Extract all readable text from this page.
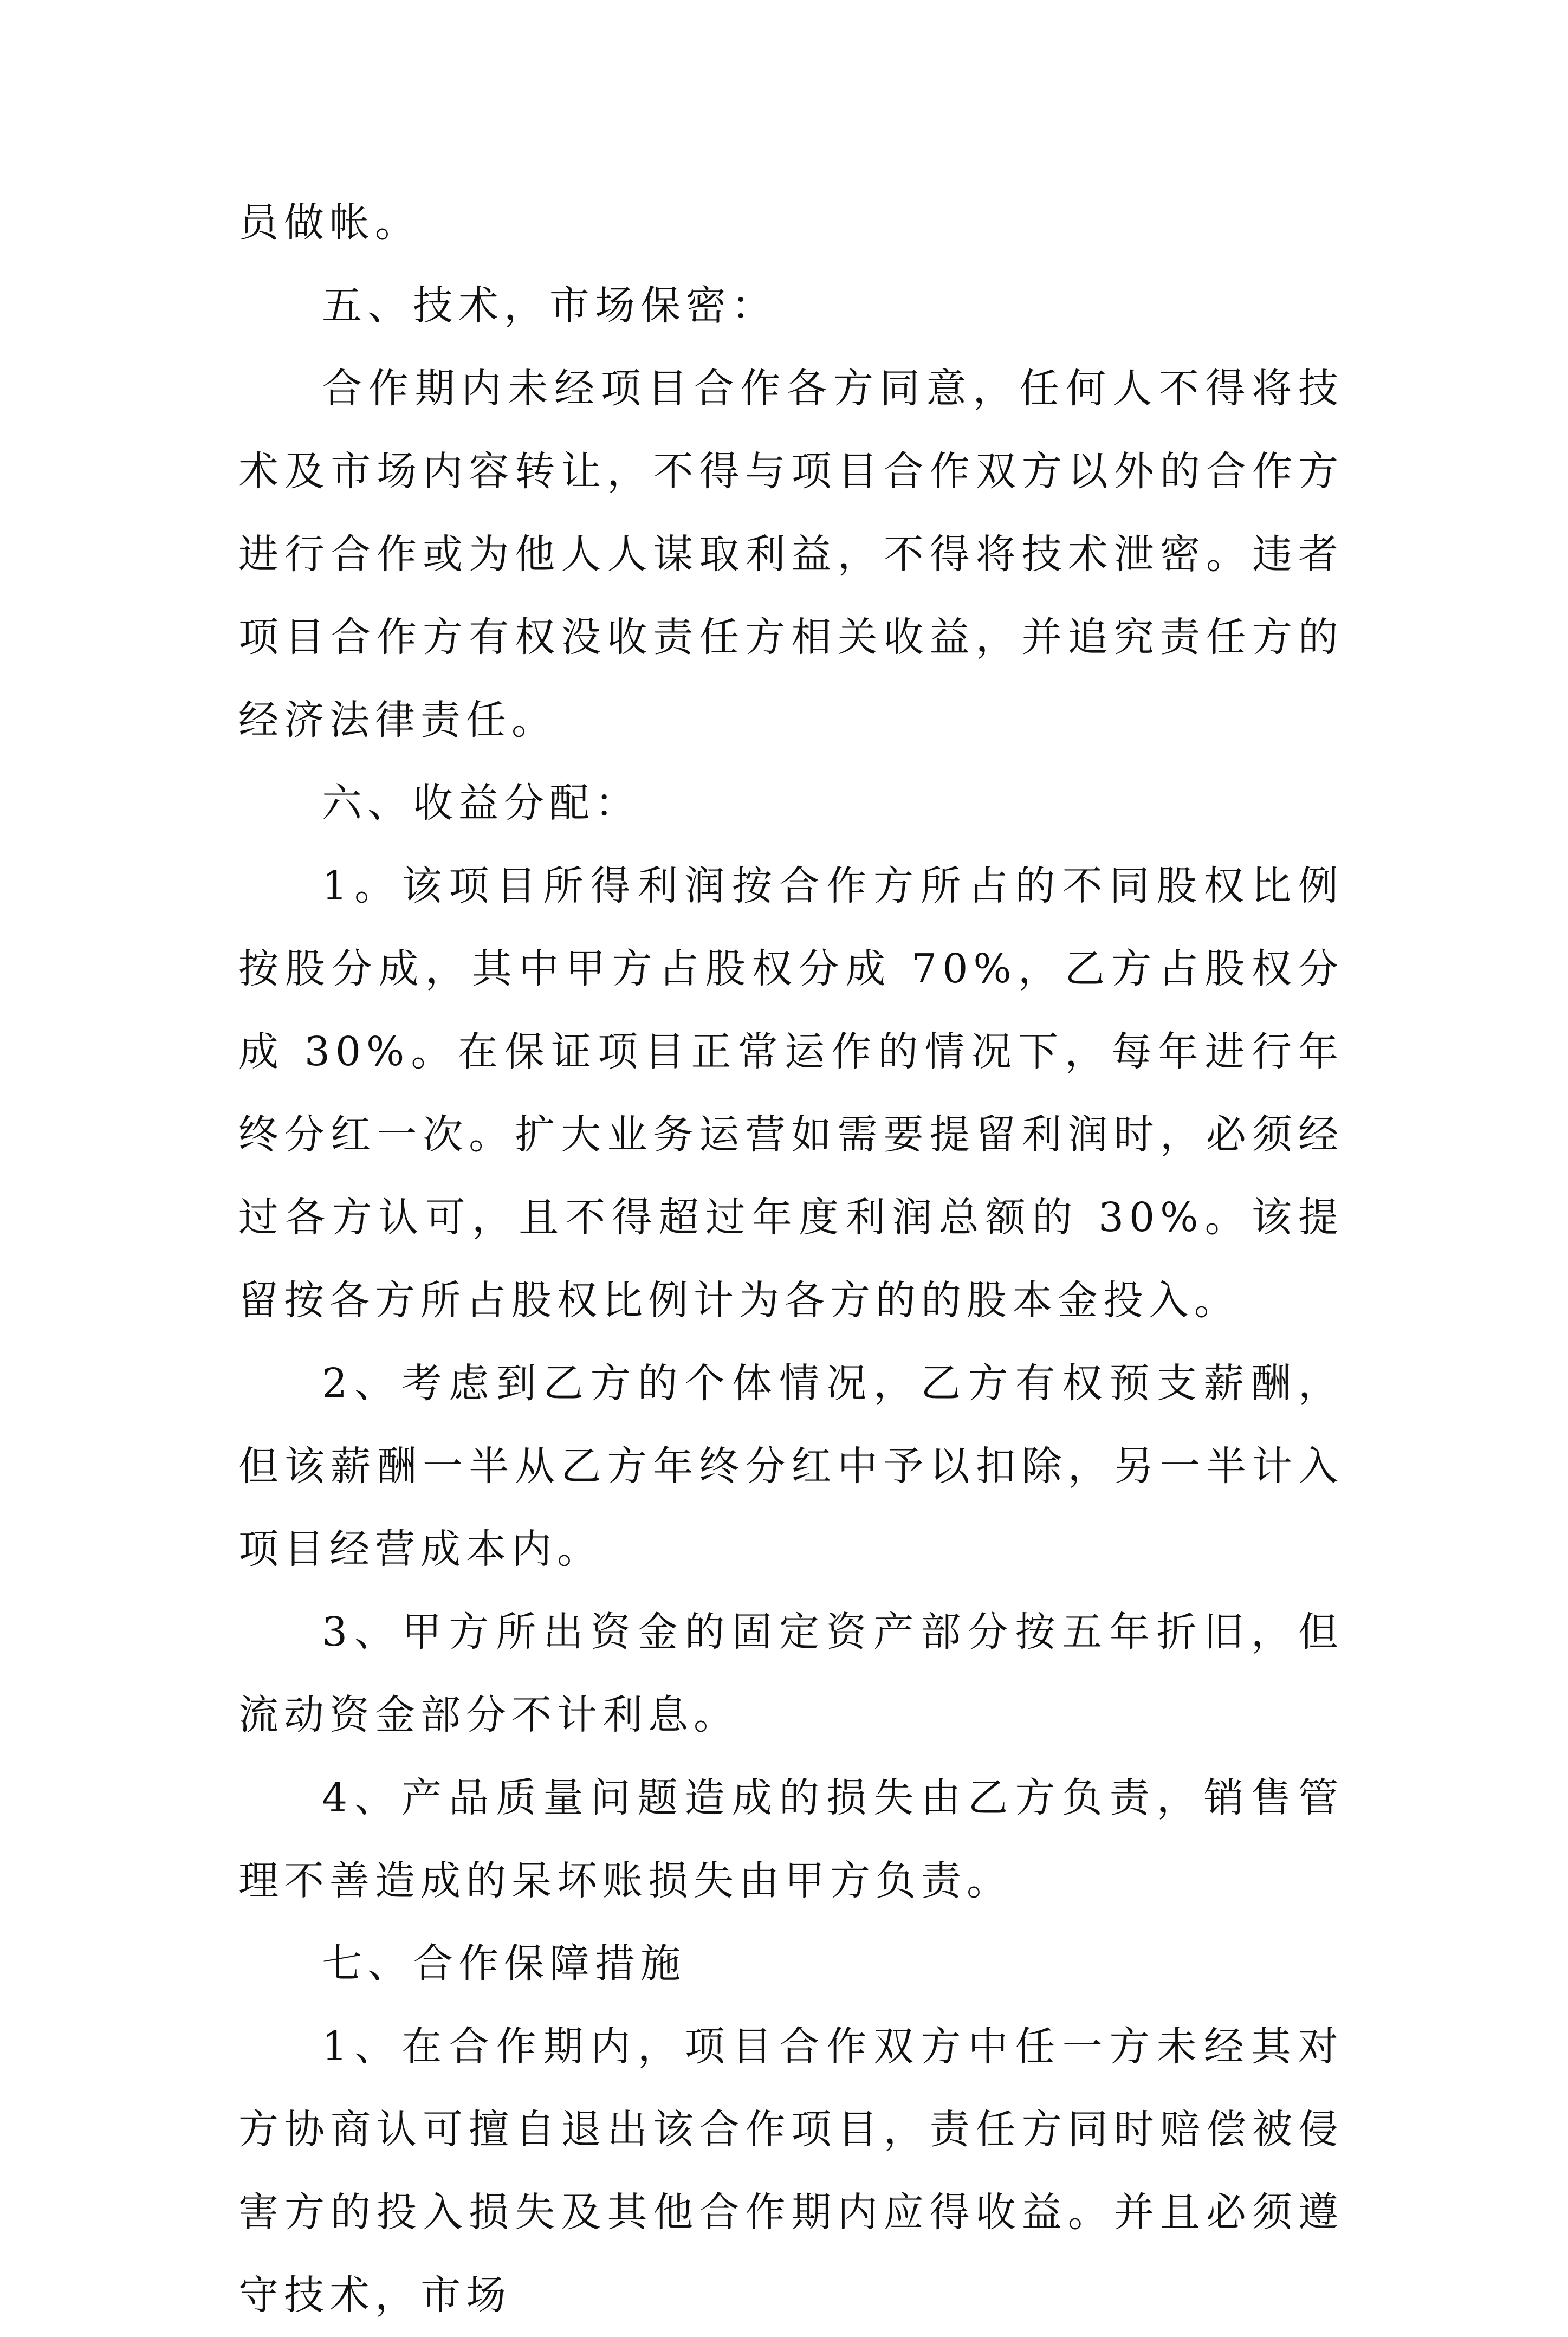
员做帐。

五、技术，市场保密：

合作期内未经项目合作各方同意，任何人不得将技术及市场内容转让，不得与项目合作双方以外的合作方进行合作或为他人人谋取利益，不得将技术泄密。违者项目合作方有权没收责任方相关收益，并追究责任方的经济法律责任。

六、收益分配：

1。该项目所得利润按合作方所占的不同股权比例按股分成，其中甲方占股权分成 70%，乙方占股权分成 30%。在保证项目正常运作的情况下，每年进行年终分红一次。扩大业务运营如需要提留利润时，必须经过各方认可，且不得超过年度利润总额的 30%。该提留按各方所占股权比例计为各方的的股本金投入。

2、考虑到乙方的个体情况，乙方有权预支薪酬，但该薪酬一半从乙方年终分红中予以扣除，另一半计入项目经营成本内。

3、甲方所出资金的固定资产部分按五年折旧，但流动资金部分不计利息。

4、产品质量问题造成的损失由乙方负责，销售管理不善造成的呆坏账损失由甲方负责。

七、合作保障措施

1、在合作期内，项目合作双方中任一方未经其对方协商认可擅自退出该合作项目，责任方同时赔偿被侵害方的投入损失及其他合作期内应得收益。并且必须遵守技术，市场
